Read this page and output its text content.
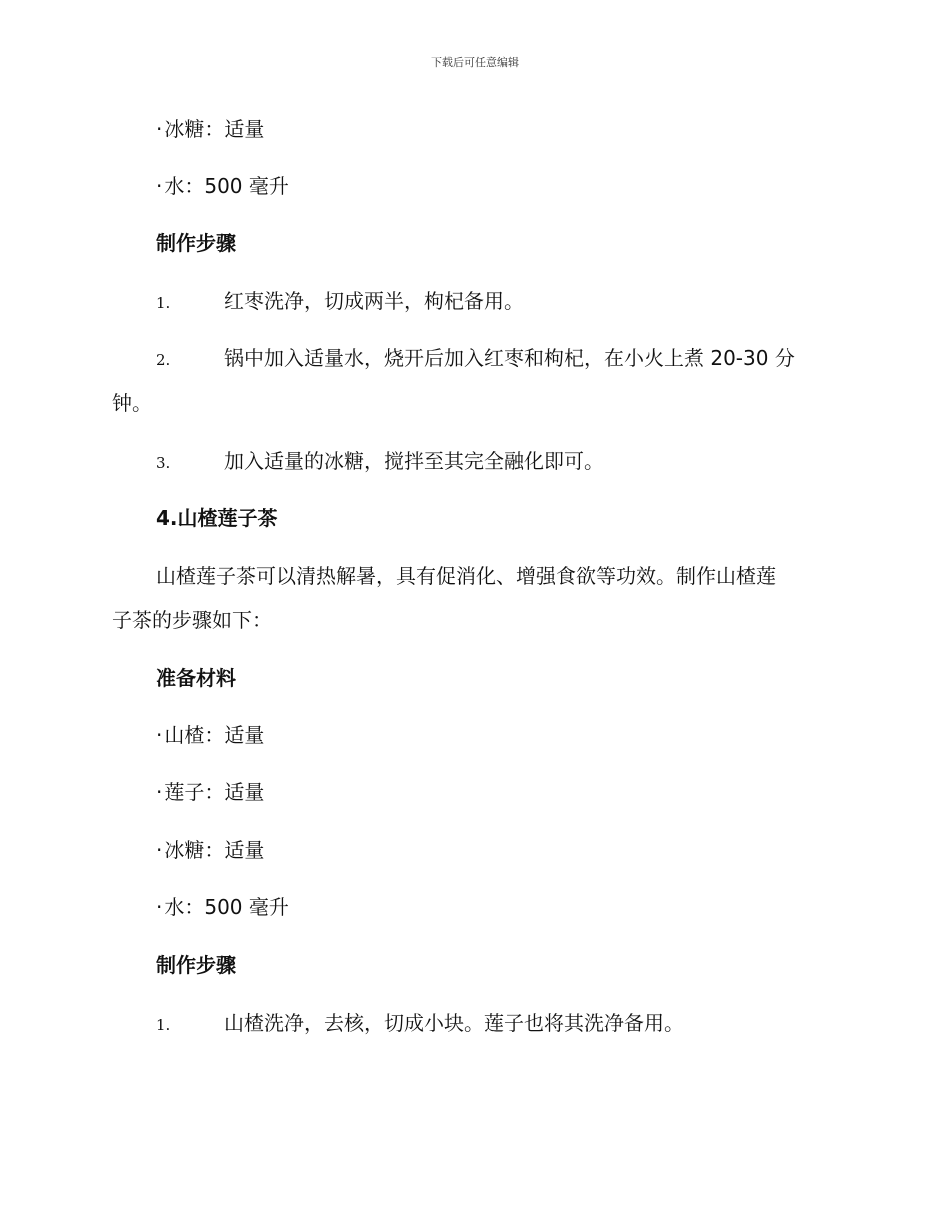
下载后可任意编辑
· 冰糖：适量
· 水：500 毫升
制作步骤
1.	红枣洗净，切成两半，枸杞备用。
2.	锅中加入适量水，烧开后加入红枣和枸杞，在小火上煮 20-30 分
钟。
3.	加入适量的冰糖，搅拌至其完全融化即可。
4.山楂莲子茶
山楂莲子茶可以清热解暑，具有促消化、增强食欲等功效。制作山楂莲
子茶的步骤如下：
准备材料
· 山楂：适量
· 莲子：适量
· 冰糖：适量
· 水：500 毫升
制作步骤
1.	山楂洗净，去核，切成小块。莲子也将其洗净备用。
